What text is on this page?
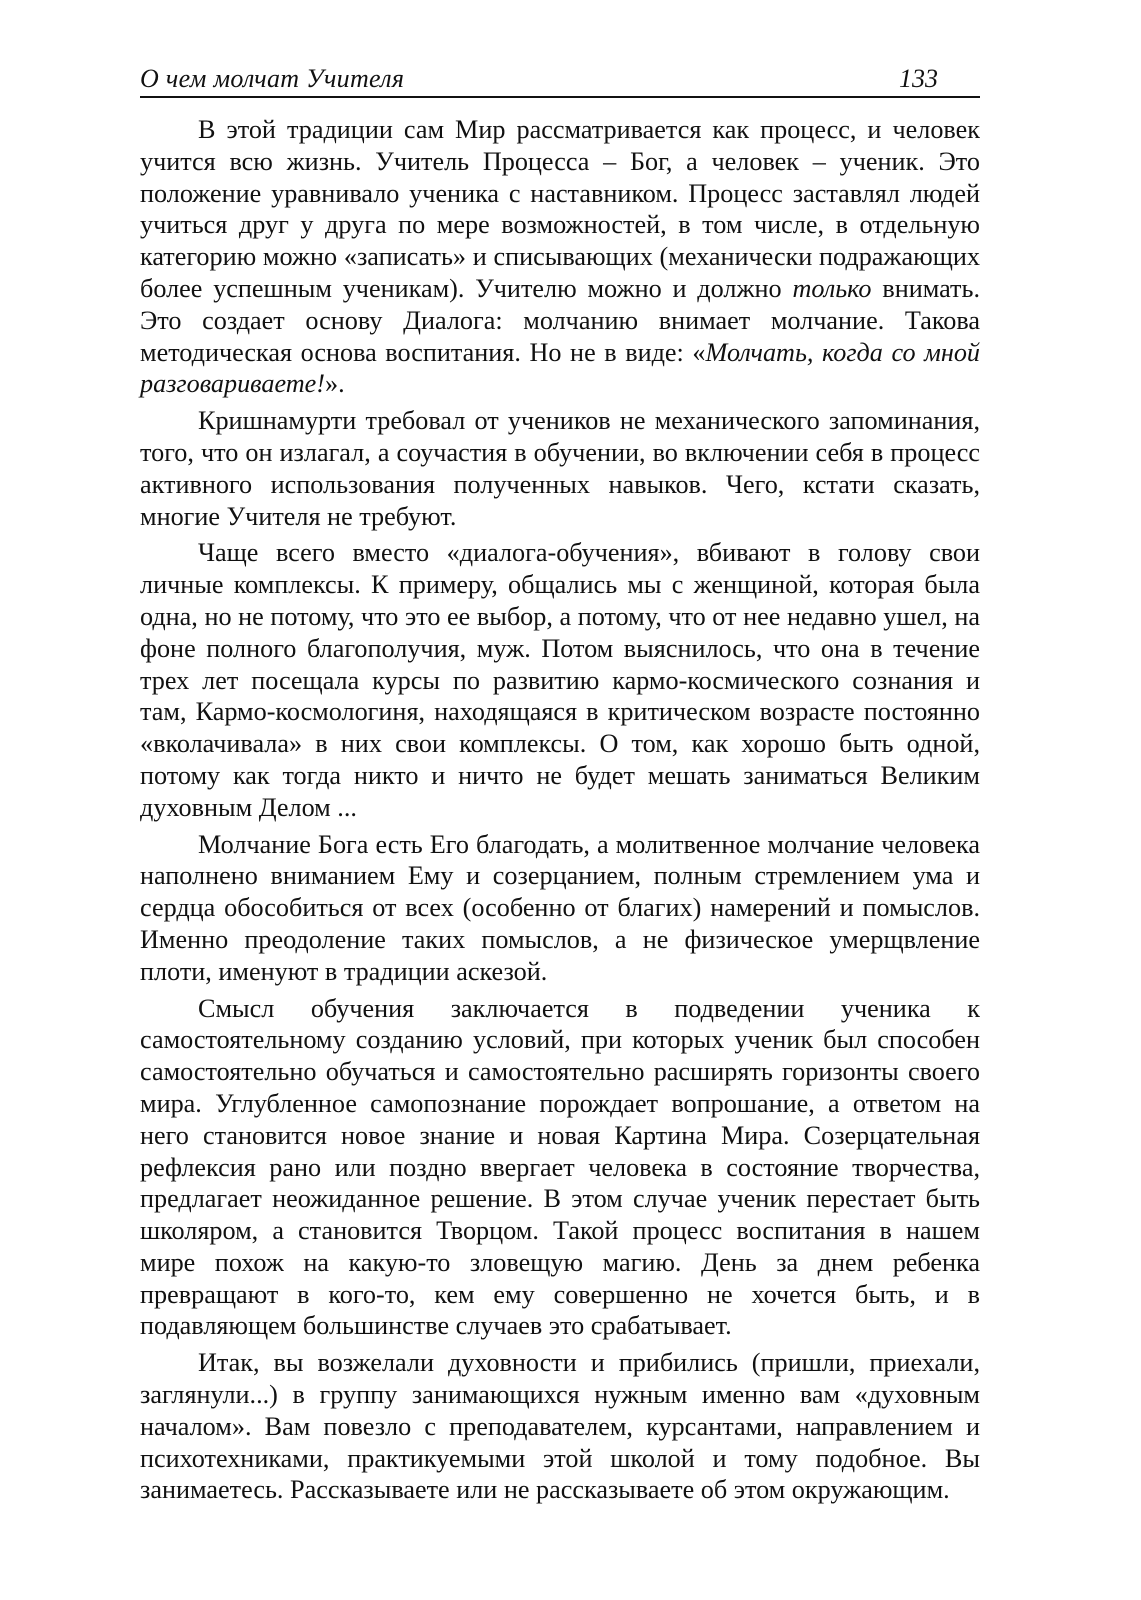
О чем молчат Учителя	133

В этой традиции сам Мир рассматривается как процесс, и человек учится всю жизнь. Учитель Процесса – Бог, а человек – ученик. Это положение уравнивало ученика с наставником. Процесс заставлял людей учиться друг у друга по мере возможностей, в том числе, в отдельную категорию можно «записать» и списывающих (механически подражающих более успешным ученикам). Учителю можно и должно только внимать. Это создает основу Диалога: молчанию внимает молчание. Такова методическая основа воспитания. Но не в виде: «Молчать, когда со мной разговариваете!».

Кришнамурти требовал от учеников не механического запоминания, того, что он излагал, а соучастия в обучении, во включении себя в процесс активного использования полученных навыков. Чего, кстати сказать, многие Учителя не требуют.

Чаще всего вместо «диалога-обучения», вбивают в голову свои личные комплексы. К примеру, общались мы с женщиной, которая была одна, но не потому, что это ее выбор, а потому, что от нее недавно ушел, на фоне полного благополучия, муж. Потом выяснилось, что она в течение трех лет посещала курсы по развитию кармо-космического сознания и там, Кармо-космологиня, находящаяся в критическом возрасте постоянно «вколачивала» в них свои комплексы. О том, как хорошо быть одной, потому как тогда никто и ничто не будет мешать заниматься Великим духовным Делом ...

Молчание Бога есть Его благодать, а молитвенное молчание человека наполнено вниманием Ему и созерцанием, полным стремлением ума и сердца обособиться от всех (особенно от благих) намерений и помыслов. Именно преодоление таких помыслов, а не физическое умерщвление плоти, именуют в традиции аскезой.

Смысл обучения заключается в подведении ученика к самостоятельному созданию условий, при которых ученик был способен самостоятельно обучаться и самостоятельно расширять горизонты своего мира. Углубленное самопознание порождает вопрошание, а ответом на него становится новое знание и новая Картина Мира. Созерцательная рефлексия рано или поздно ввергает человека в состояние творчества, предлагает неожиданное решение. В этом случае ученик перестает быть школяром, а становится Творцом. Такой процесс воспитания в нашем мире похож на какую-то зловещую магию. День за днем ребенка превращают в кого-то, кем ему совершенно не хочется быть, и в подавляющем большинстве случаев это срабатывает.

Итак, вы возжелали духовности и прибились (пришли, приехали, заглянули...) в группу занимающихся нужным именно вам «духовным началом». Вам повезло с преподавателем, курсантами, направлением и психотехниками, практикуемыми этой школой и тому подобное. Вы занимаетесь. Рассказываете или не рассказываете об этом окружающим.
